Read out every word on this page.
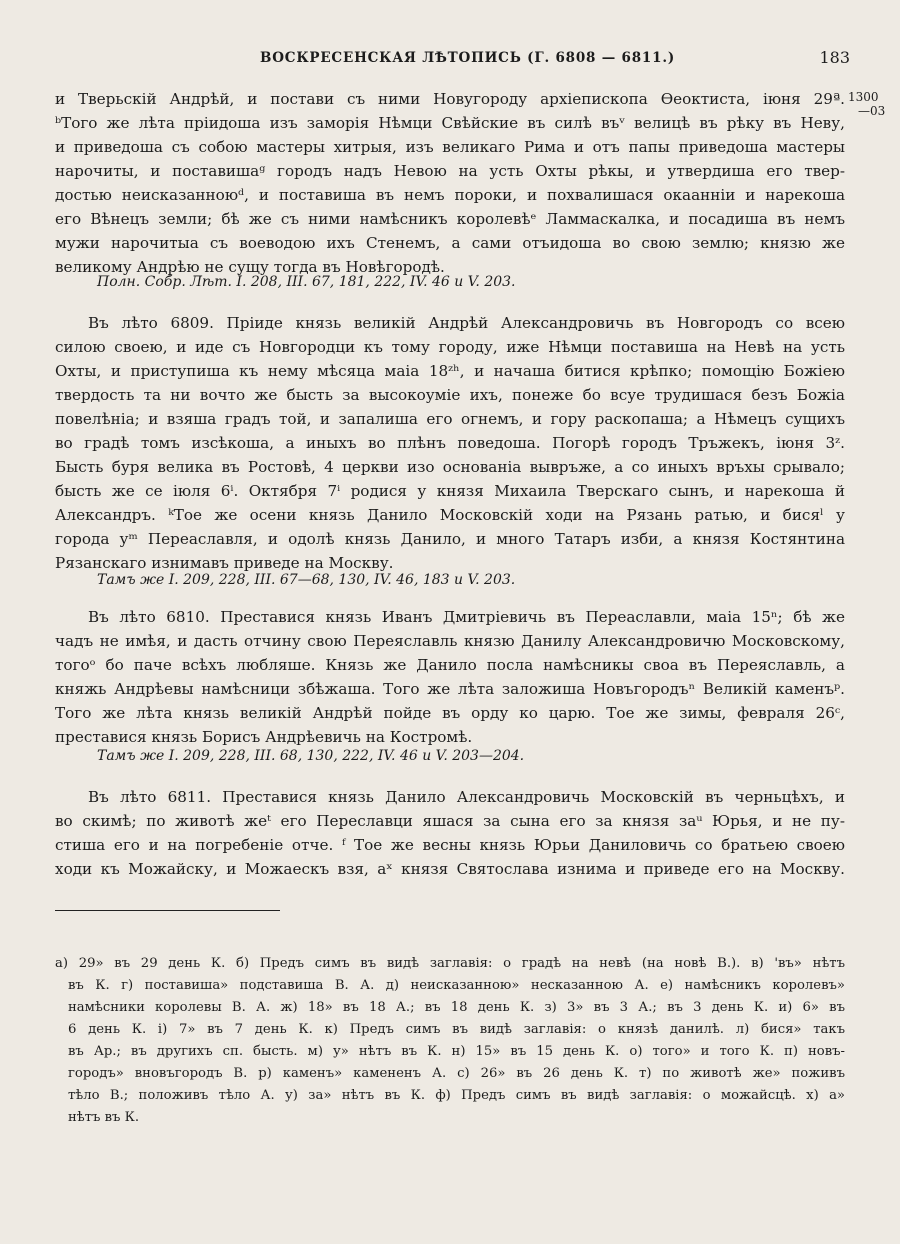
ВОСКРЕСЕНСКАЯ ЛѢТОПИСЬ (Г. 6808 — 6811.)	183
1300
—03
и Тверьскій Андрѣй, и постави съ ними Новугороду архіепископа Ѳеоктиста, іюня 29ª.
ᵇТого же лѣта пріидоша изъ заморія Нѣмци Свѣйские въ силѣ въᵛ велицѣ въ рѣку въ Неву,
и приведоша съ собою мастеры хитрыя, изъ великаго Рима и отъ папы приведоша мастеры
нарочиты, и поставишаᵍ городъ надъ Невою на усть Охты рѣкы, и утвердиша его твер-
достью неисказанноюᵈ, и поставиша въ немъ пороки, и похвалишася окаанніи и нарекоша
его Вѣнецъ земли; бѣ же съ ними намѣсникъ королевѣᵉ Ламмаскалка, и посадиша въ немъ
мужи нарочитыа съ воеводою ихъ Стенемъ, а сами отъидоша во свою землю; князю же
великому Андрѣю не сущу тогда въ Новѣгородѣ.
Полн. Собр. Лѣт. I. 208, III. 67, 181, 222, IV. 46 и V. 203.
Въ лѣто 6809. Пріиде князь великій Андрѣй Александровичь въ Новгородъ со всею
силою своею, и иде съ Новгородци къ тому городу, иже Нѣмци поставиша на Невѣ на усть
Охты, и приступиша къ нему мѣсяца маіа 18ᶻʰ, и начаша битися крѣпко; помощію Божіею
твердость та ни вочто же бысть за высокоуміе ихъ, понеже бо всуе трудишася безъ Божіа
повелѣніа; и взяша градъ той, и запалиша его огнемъ, и гору раскопаша; а Нѣмецъ сущихъ
во градѣ томъ изсѣкоша, а иныхъ во плѣнъ поведоша. Погорѣ городъ Тръжекъ, іюня 3ᶻ.
Бысть буря велика въ Ростовѣ, 4 церкви изо основаніа вывръже, а со иныхъ връхы срывало;
бысть же се іюля 6ⁱ. Октября 7ⁱ родися у князя Михаила Тверскаго сынъ, и нарекоша й
Александръ. ᵏТое же осени князь Данило Московскій ходи на Рязань ратью, и бисяˡ у
города уᵐ Переаславля, и одолѣ князь Данило, и много Татаръ изби, а князя Костянтина
Рязанскаго изнимавъ приведе на Москву.
Тамъ же I. 209, 228, III. 67—68, 130, IV. 46, 183 и V. 203.
Въ лѣто 6810. Преставися князь Иванъ Дмитріевичь въ Переаславли, маіа 15ⁿ; бѣ же
чадъ не имѣя, и дасть отчину свою Переяславль князю Данилу Александровичю Московскому,
тогоᵒ бо паче всѣхъ любляше. Князь же Данило посла намѣсникы своа въ Переяславль, а
княжь Андрѣевы намѣсници збѣжаша. Того же лѣта заложиша Новъгородъⁿ Великій каменъᵖ.
Того же лѣта князь великій Андрѣй пойде въ орду ко царю. Тое же зимы, февраля 26ᶜ,
преставися князь Борисъ Андрѣевичь на Костромѣ.
Тамъ же I. 209, 228, III. 68, 130, 222, IV. 46 и V. 203—204.
Въ лѣто 6811. Преставися князь Данило Александровичь Московскій въ черньцѣхъ, и
во скимѣ; по животѣ жеᵗ его Переславци яшася за сына его за князя заᵘ Юрья, и не пу-
стиша его и на погребеніе отче. ᶠ Тое же весны князь Юрьи Даниловичь со братьею своею
ходи къ Можайску, и Можаескъ взя, аˣ князя Святослава изнима и приведе его на Москву.
а) 29» въ 29 день К. б) Предъ симъ въ видѣ заглавія: о градѣ на невѣ (на новѣ В.). в) 'въ» нѣтъ
въ К. г) поставиша» подставиша В. А. д) неисказанною» несказанною А. е) намѣсникъ королевъ»
намѣсники королевы В. А. ж) 18» въ 18 А.; въ 18 день К. з) 3» въ 3 А.; въ 3 день К. и) 6» въ
6 день К. і) 7» въ 7 день К. к) Предъ симъ въ видѣ заглавія: о князѣ данилѣ. л) бися» такъ
въ Ар.; въ другихъ сп. бысть. м) у» нѣтъ въ К. н) 15» въ 15 день К. о) того» и того К. п) новъ-
городъ» вновъгородъ В. р) каменъ» камененъ А. с) 26» въ 26 день К. т) по животѣ же» поживъ
тѣло В.; положивъ тѣло А. у) за» нѣтъ въ К. ф) Предъ симъ въ видѣ заглавія: о можайсцѣ. х) а»
нѣтъ въ К.
